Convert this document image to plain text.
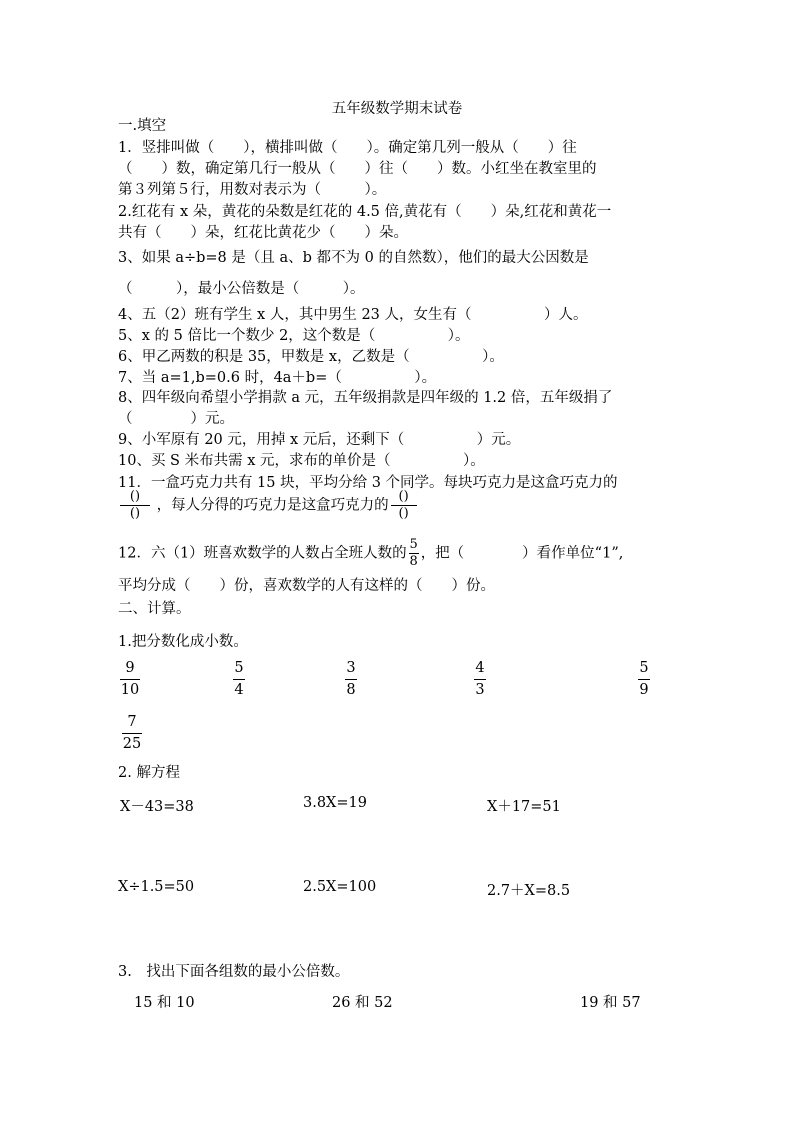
五年级数学期末试卷
一.填空
1．竖排叫做（　　），横排叫做（　　）。确定第几列一般从（　　）往
（　　）数，确定第几行一般从（　　）往（　　）数。小红坐在教室里的
第３列第５行，用数对表示为（　　　）。
2.红花有 x 朵，黄花的朵数是红花的 4.5 倍,黄花有（　　）朵,红花和黄花一
共有（　　）朵，红花比黄花少（　　）朵。
3、如果 a÷b=8 是（且 a、b 都不为 0 的自然数），他们的最大公因数是
（　　　），最小公倍数是（　　　）。
4、五（2）班有学生 x 人，其中男生 23 人，女生有（　　　　　）人。
5、x 的 5 倍比一个数少 2，这个数是（　　　　　）。
6、甲乙两数的积是 35，甲数是 x，乙数是（　　　　　）。
7、当 a=1,b=0.6 时，4a＋b=（　　　　　）。
8、四年级向希望小学捐款 a 元，五年级捐款是四年级的 1.2 倍，五年级捐了
（　　　　）元。
9、小军原有 20 元，用掉 x 元后，还剩下（　　　　　）元。
10、买 S 米布共需 x 元，求布的单价是（　　　　　）。
11．一盒巧克力共有 15 块，平均分给 3 个同学。每块巧克力是这盒巧克力的
$\frac{()}{()}$ ，每人分得的巧克力是这盒巧克力的 $\frac{()}{()}$
12．六（1）班喜欢数学的人数占全班人数的 $\frac{5}{8}$ ，把（　　　　）看作单位“1”,
平均分成（　　）份，喜欢数学的人有这样的（　　）份。
二、计算。
1.把分数化成小数。
9
10
5
4
3
8
4
3
5
9
7
25
2. 解方程
X－43=38	3.8X=19	X＋17=51
X÷1.5=50	2.5X=100	2.7＋X=8.5
3.　找出下面各组数的最小公倍数。
15 和 10	26 和 52	19 和 57
